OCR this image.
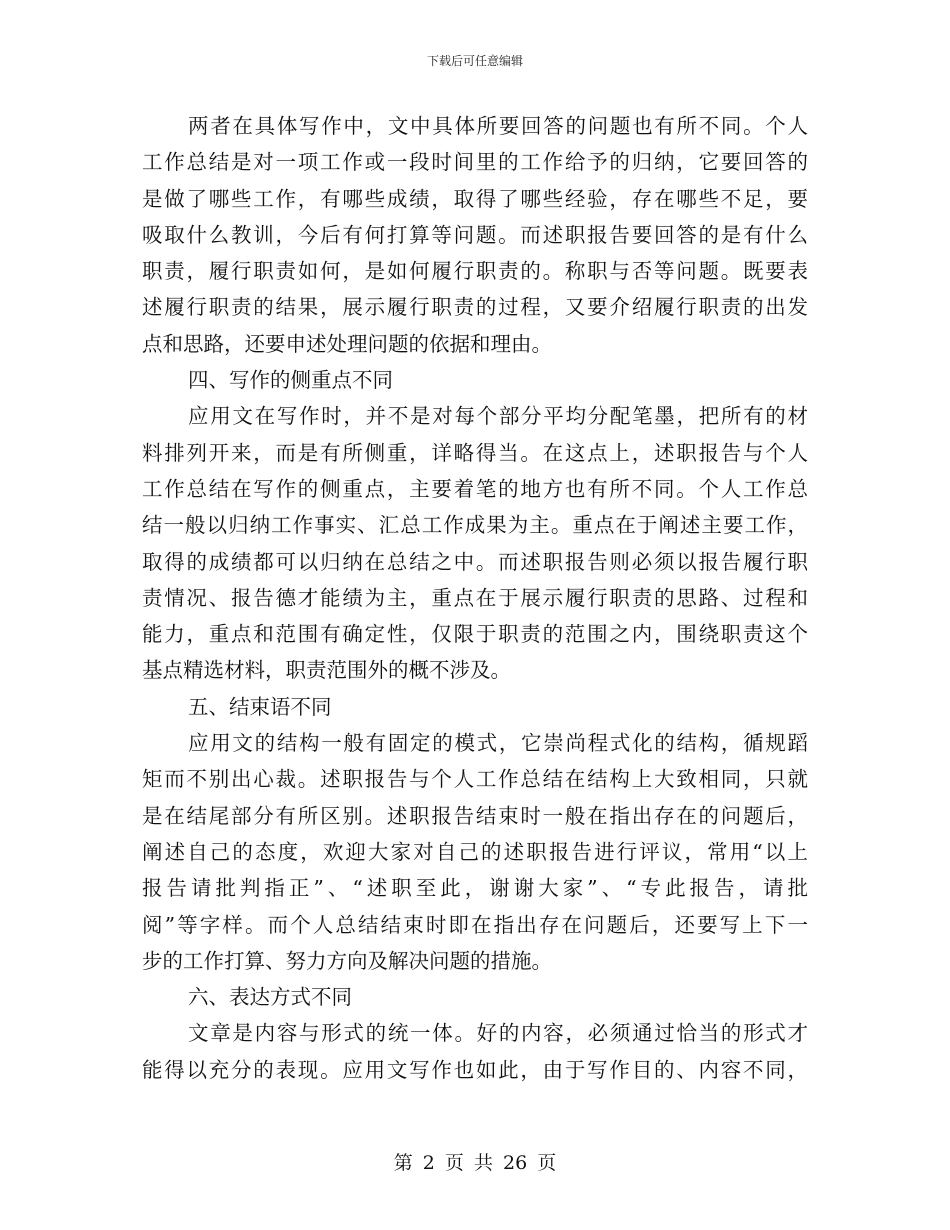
下载后可任意编辑
两者在具体写作中，文中具体所要回答的问题也有所不同。个人
工作总结是对一项工作或一段时间里的工作给予的归纳，它要回答的
是做了哪些工作，有哪些成绩，取得了哪些经验，存在哪些不足，要
吸取什么教训，今后有何打算等问题。而述职报告要回答的是有什么
职责，履行职责如何，是如何履行职责的。称职与否等问题。既要表
述履行职责的结果，展示履行职责的过程，又要介绍履行职责的出发
点和思路，还要申述处理问题的依据和理由。
四、写作的侧重点不同
应用文在写作时，并不是对每个部分平均分配笔墨，把所有的材
料排列开来，而是有所侧重，详略得当。在这点上，述职报告与个人
工作总结在写作的侧重点，主要着笔的地方也有所不同。个人工作总
结一般以归纳工作事实、汇总工作成果为主。重点在于阐述主要工作，
取得的成绩都可以归纳在总结之中。而述职报告则必须以报告履行职
责情况、报告德才能绩为主，重点在于展示履行职责的思路、过程和
能力，重点和范围有确定性，仅限于职责的范围之内，围绕职责这个
基点精选材料，职责范围外的概不涉及。
五、结束语不同
应用文的结构一般有固定的模式，它崇尚程式化的结构，循规蹈
矩而不别出心裁。述职报告与个人工作总结在结构上大致相同，只就
是在结尾部分有所区别。述职报告结束时一般在指出存在的问题后，
阐述自己的态度，欢迎大家对自己的述职报告进行评议，常用“以上
报告请批判指正”、“述职至此，谢谢大家”、“专此报告，请批
阅”等字样。而个人总结结束时即在指出存在问题后，还要写上下一
步的工作打算、努力方向及解决问题的措施。
六、表达方式不同
文章是内容与形式的统一体。好的内容，必须通过恰当的形式才
能得以充分的表现。应用文写作也如此，由于写作目的、内容不同，
第 2 页 共 26 页
